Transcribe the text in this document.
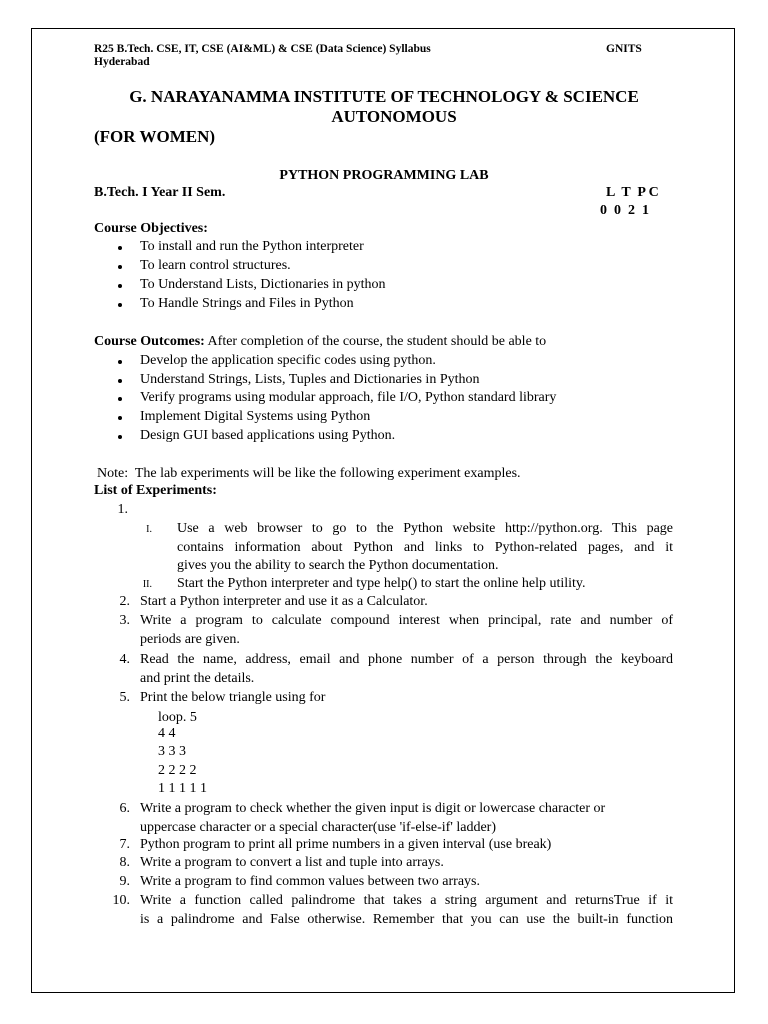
R25 B.Tech. CSE, IT, CSE (AI&ML) & CSE (Data Science) Syllabus	GNITS
Hyderabad
G. NARAYANAMMA INSTITUTE OF TECHNOLOGY & SCIENCE
AUTONOMOUS
(FOR WOMEN)
PYTHON PROGRAMMING LAB
B.Tech. I Year II Sem.	L  T  P C
0  0  2  1
Course Objectives:
To install and run the Python interpreter
To learn control structures.
To Understand Lists, Dictionaries in python
To Handle Strings and Files in Python
Course Outcomes: After completion of the course, the student should be able to
Develop the application specific codes using python.
Understand Strings, Lists, Tuples and Dictionaries in Python
Verify programs using modular approach, file I/O, Python standard library
Implement Digital Systems using Python
Design GUI based applications using Python.
Note:  The lab experiments will be like the following experiment examples.
List of Experiments:
1.
I. Use a web browser to go to the Python website http://python.org. This page
contains information about Python and links to Python-related pages, and it
gives you the ability to search the Python documentation.
II. Start the Python interpreter and type help() to start the online help utility.
2. Start a Python interpreter and use it as a Calculator.
3. Write a program to calculate compound interest when principal, rate and number of
periods are given.
4. Read the name, address, email and phone number of a person through the keyboard
and print the details.
5. Print the below triangle using for
loop. 5
4 4
3 3 3
2 2 2 2
1 1 1 1 1
6. Write a program to check whether the given input is digit or lowercase character or
uppercase character or a special character(use 'if-else-if' ladder)
7. Python program to print all prime numbers in a given interval (use break)
8. Write a program to convert a list and tuple into arrays.
9. Write a program to find common values between two arrays.
10. Write a function called palindrome that takes a string argument and returnsTrue if it
is a palindrome and False otherwise. Remember that you can use the built-in function
